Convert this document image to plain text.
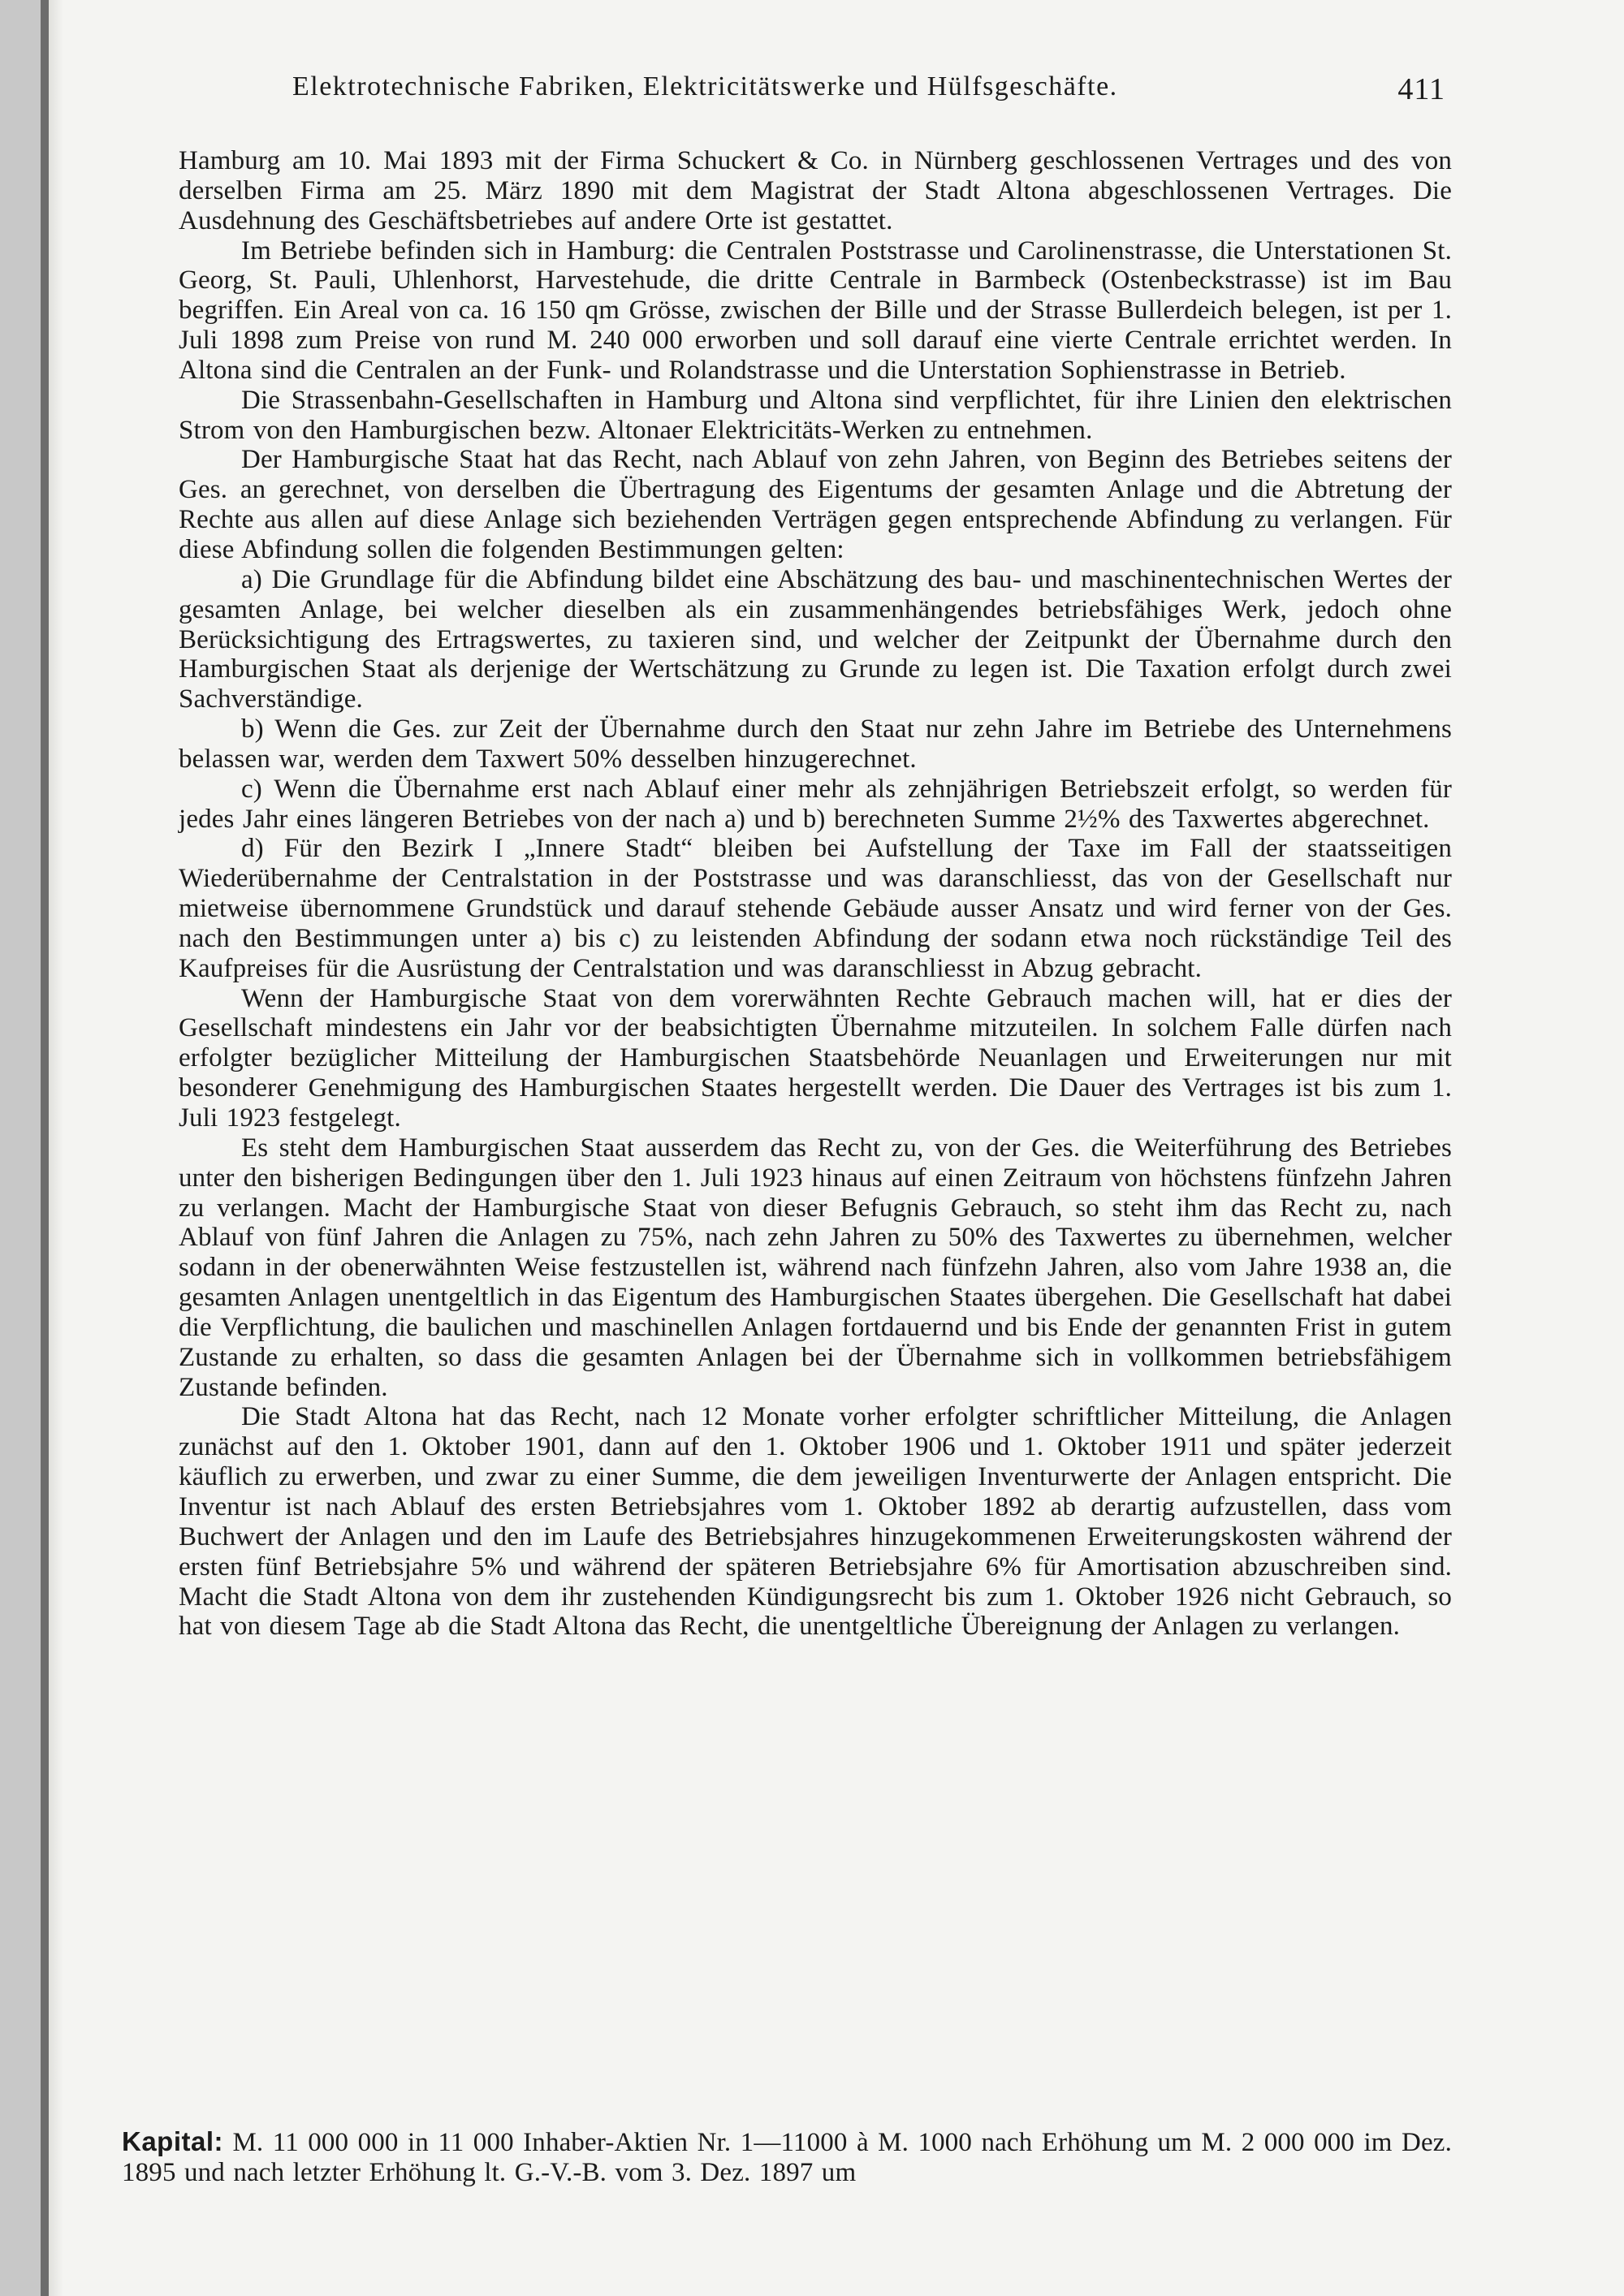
Elektrotechnische Fabriken, Elektricitätswerke und Hülfsgeschäfte.	411

Hamburg am 10. Mai 1893 mit der Firma Schuckert & Co. in Nürnberg geschlossenen Vertrages und des von derselben Firma am 25. März 1890 mit dem Magistrat der Stadt Altona abgeschlossenen Vertrages. Die Ausdehnung des Geschäftsbetriebes auf andere Orte ist gestattet.

Im Betriebe befinden sich in Hamburg: die Centralen Poststrasse und Carolinenstrasse, die Unterstationen St. Georg, St. Pauli, Uhlenhorst, Harvestehude, die dritte Centrale in Barmbeck (Ostenbeckstrasse) ist im Bau begriffen. Ein Areal von ca. 16 150 qm Grösse, zwischen der Bille und der Strasse Bullerdeich belegen, ist per 1. Juli 1898 zum Preise von rund M. 240 000 erworben und soll darauf eine vierte Centrale errichtet werden. In Altona sind die Centralen an der Funk- und Rolandstrasse und die Unterstation Sophienstrasse in Betrieb.

Die Strassenbahn-Gesellschaften in Hamburg und Altona sind verpflichtet, für ihre Linien den elektrischen Strom von den Hamburgischen bezw. Altonaer Elektricitäts-Werken zu entnehmen.

Der Hamburgische Staat hat das Recht, nach Ablauf von zehn Jahren, von Beginn des Betriebes seitens der Ges. an gerechnet, von derselben die Übertragung des Eigentums der gesamten Anlage und die Abtretung der Rechte aus allen auf diese Anlage sich beziehenden Verträgen gegen entsprechende Abfindung zu verlangen. Für diese Abfindung sollen die folgenden Bestimmungen gelten:

a) Die Grundlage für die Abfindung bildet eine Abschätzung des bau- und maschinentechnischen Wertes der gesamten Anlage, bei welcher dieselben als ein zusammenhängendes betriebsfähiges Werk, jedoch ohne Berücksichtigung des Ertragswertes, zu taxieren sind, und welcher der Zeitpunkt der Übernahme durch den Hamburgischen Staat als derjenige der Wertschätzung zu Grunde zu legen ist. Die Taxation erfolgt durch zwei Sachverständige.

b) Wenn die Ges. zur Zeit der Übernahme durch den Staat nur zehn Jahre im Betriebe des Unternehmens belassen war, werden dem Taxwert 50% desselben hinzugerechnet.

c) Wenn die Übernahme erst nach Ablauf einer mehr als zehnjährigen Betriebszeit erfolgt, so werden für jedes Jahr eines längeren Betriebes von der nach a) und b) berechneten Summe 2½% des Taxwertes abgerechnet.

d) Für den Bezirk I „Innere Stadt“ bleiben bei Aufstellung der Taxe im Fall der staatsseitigen Wiederübernahme der Centralstation in der Poststrasse und was daranschliesst, das von der Gesellschaft nur mietweise übernommene Grundstück und darauf stehende Gebäude ausser Ansatz und wird ferner von der Ges. nach den Bestimmungen unter a) bis c) zu leistenden Abfindung der sodann etwa noch rückständige Teil des Kaufpreises für die Ausrüstung der Centralstation und was daranschliesst in Abzug gebracht.

Wenn der Hamburgische Staat von dem vorerwähnten Rechte Gebrauch machen will, hat er dies der Gesellschaft mindestens ein Jahr vor der beabsichtigten Übernahme mitzuteilen. In solchem Falle dürfen nach erfolgter bezüglicher Mitteilung der Hamburgischen Staatsbehörde Neuanlagen und Erweiterungen nur mit besonderer Genehmigung des Hamburgischen Staates hergestellt werden. Die Dauer des Vertrages ist bis zum 1. Juli 1923 festgelegt.

Es steht dem Hamburgischen Staat ausserdem das Recht zu, von der Ges. die Weiterführung des Betriebes unter den bisherigen Bedingungen über den 1. Juli 1923 hinaus auf einen Zeitraum von höchstens fünfzehn Jahren zu verlangen. Macht der Hamburgische Staat von dieser Befugnis Gebrauch, so steht ihm das Recht zu, nach Ablauf von fünf Jahren die Anlagen zu 75%, nach zehn Jahren zu 50% des Taxwertes zu übernehmen, welcher sodann in der obenerwähnten Weise festzustellen ist, während nach fünfzehn Jahren, also vom Jahre 1938 an, die gesamten Anlagen unentgeltlich in das Eigentum des Hamburgischen Staates übergehen. Die Gesellschaft hat dabei die Verpflichtung, die baulichen und maschinellen Anlagen fortdauernd und bis Ende der genannten Frist in gutem Zustande zu erhalten, so dass die gesamten Anlagen bei der Übernahme sich in vollkommen betriebsfähigem Zustande befinden.

Die Stadt Altona hat das Recht, nach 12 Monate vorher erfolgter schriftlicher Mitteilung, die Anlagen zunächst auf den 1. Oktober 1901, dann auf den 1. Oktober 1906 und 1. Oktober 1911 und später jederzeit käuflich zu erwerben, und zwar zu einer Summe, die dem jeweiligen Inventurwerte der Anlagen entspricht. Die Inventur ist nach Ablauf des ersten Betriebsjahres vom 1. Oktober 1892 ab derartig aufzustellen, dass vom Buchwert der Anlagen und den im Laufe des Betriebsjahres hinzugekommenen Erweiterungskosten während der ersten fünf Betriebsjahre 5% und während der späteren Betriebsjahre 6% für Amortisation abzuschreiben sind. Macht die Stadt Altona von dem ihr zustehenden Kündigungsrecht bis zum 1. Oktober 1926 nicht Gebrauch, so hat von diesem Tage ab die Stadt Altona das Recht, die unentgeltliche Übereignung der Anlagen zu verlangen.

Kapital: M. 11 000 000 in 11 000 Inhaber-Aktien Nr. 1—11000 à M. 1000 nach Erhöhung um M. 2 000 000 im Dez. 1895 und nach letzter Erhöhung lt. G.-V.-B. vom 3. Dez. 1897 um
